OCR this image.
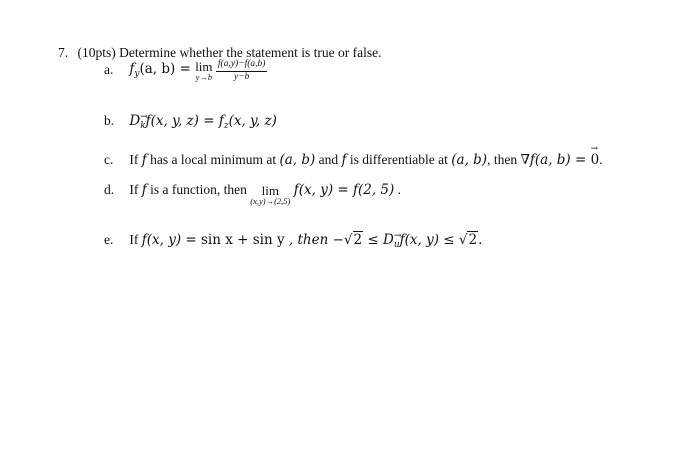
7. (10pts) Determine whether the statement is true or false.
a. $f_y(a$, b) = lim
y→b
$\frac{f(a,y)-f(a,b)}{y-b}$
b. D→ $_k$f(x, y, $z) = f_z(x$, y, z)
c. If f has a local minimum at (a, b) and f is differentiable at (a, b), then ∇f(a, b) = → 0.
d. If f is a function, then lim
(x,y)→(2,5)
f(x, y) = f(2, 5) .
e. If f(x, y) = sin x + sin y , then −√2 ≤ D→ $_u$f(x, y) ≤ √2.
